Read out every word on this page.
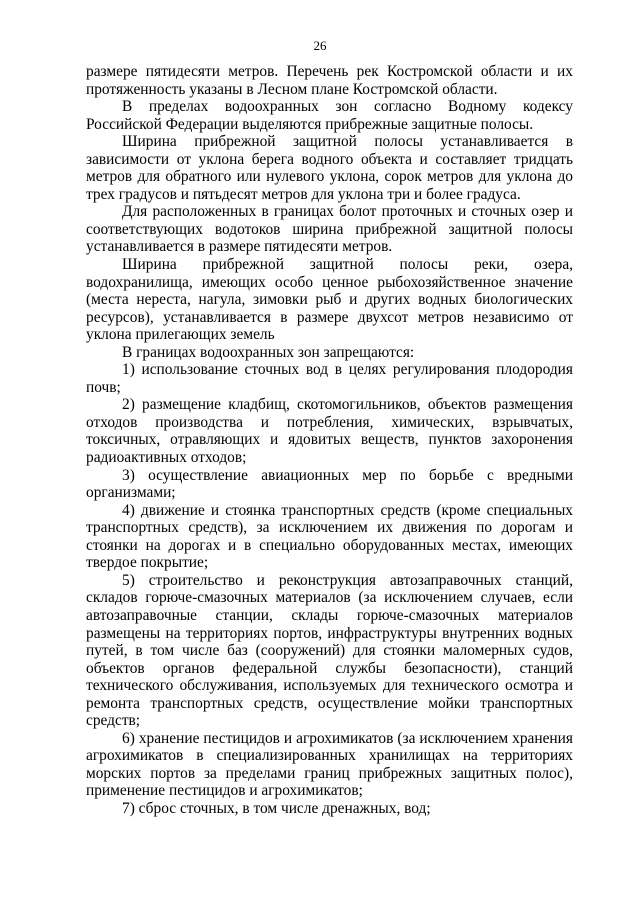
26

размере пятидесяти метров. Перечень рек Костромской области и их протяженность указаны в Лесном плане Костромской области.

В пределах водоохранных зон согласно Водному кодексу Российской Федерации выделяются прибрежные защитные полосы.

Ширина прибрежной защитной полосы устанавливается в зависимости от уклона берега водного объекта и составляет тридцать метров для обратного или нулевого уклона, сорок метров для уклона до трех градусов и пятьдесят метров для уклона три и более градуса.

Для расположенных в границах болот проточных и сточных озер и соответствующих водотоков ширина прибрежной защитной полосы устанавливается в размере пятидесяти метров.

Ширина прибрежной защитной полосы реки, озера, водохранилища, имеющих особо ценное рыбохозяйственное значение (места нереста, нагула, зимовки рыб и других водных биологических ресурсов), устанавливается в размере двухсот метров независимо от уклона прилегающих земель

В границах водоохранных зон запрещаются:

1) использование сточных вод в целях регулирования плодородия почв;

2) размещение кладбищ, скотомогильников, объектов размещения отходов производства и потребления, химических, взрывчатых, токсичных, отравляющих и ядовитых веществ, пунктов захоронения радиоактивных отходов;

3) осуществление авиационных мер по борьбе с вредными организмами;

4) движение и стоянка транспортных средств (кроме специальных транспортных средств), за исключением их движения по дорогам и стоянки на дорогах и в специально оборудованных местах, имеющих твердое покрытие;

5) строительство и реконструкция автозаправочных станций, складов горюче-смазочных материалов (за исключением случаев, если автозаправочные станции, склады горюче-смазочных материалов размещены на территориях портов, инфраструктуры внутренних водных путей, в том числе баз (сооружений) для стоянки маломерных судов, объектов органов федеральной службы безопасности), станций технического обслуживания, используемых для технического осмотра и ремонта транспортных средств, осуществление мойки транспортных средств;

6) хранение пестицидов и агрохимикатов (за исключением хранения агрохимикатов в специализированных хранилищах на территориях морских портов за пределами границ прибрежных защитных полос), применение пестицидов и агрохимикатов;

7) сброс сточных, в том числе дренажных, вод;
